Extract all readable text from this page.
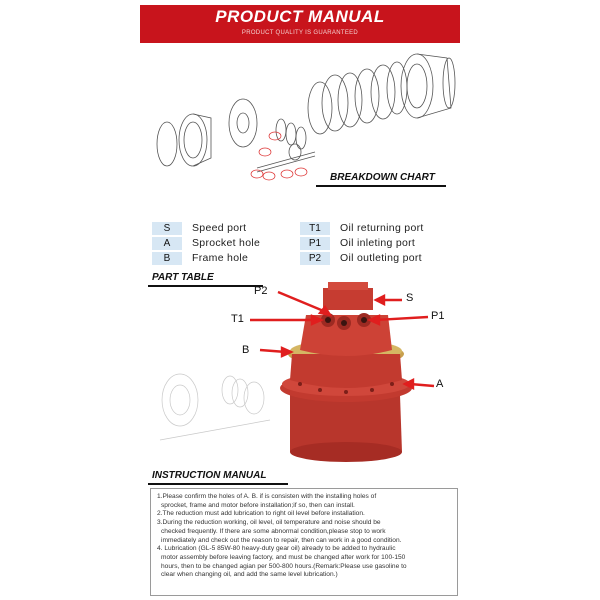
PRODUCT MANUAL
PRODUCT QUALITY IS GUARANTEED
BREAKDOWN CHART
S	Speed port	T1	Oil returning port
A	Sprocket hole	P1	Oil inleting port
B	Frame hole	P2	Oil outleting port
PART TABLE
P2
S
T1	P1
B
A
INSTRUCTION MANUAL

1.Please confirm the holes of A. B. if is consisten with the installing holes of

sprocket, frame and motor before installation;if so, then can install.

2.The reduction must add lubrication to right oil level before installation.

3.During the reduction working, oil level, oil temperature and noise should be

checked frequently. If there are some abnormal condition,please stop to work

immediately and check out the reason to repair, then can work in a good condition.

4. Lubrication (GL-5 85W-80 heavy-duty gear oil) already to be added to hydraulic

motor assembly before leaving factory, and must be changed after work for 100-150

hours, then to be changed agian per 500-800 hours.(Remark:Please use gasoline to

clear when changing oil, and add the same level lubrication.)
